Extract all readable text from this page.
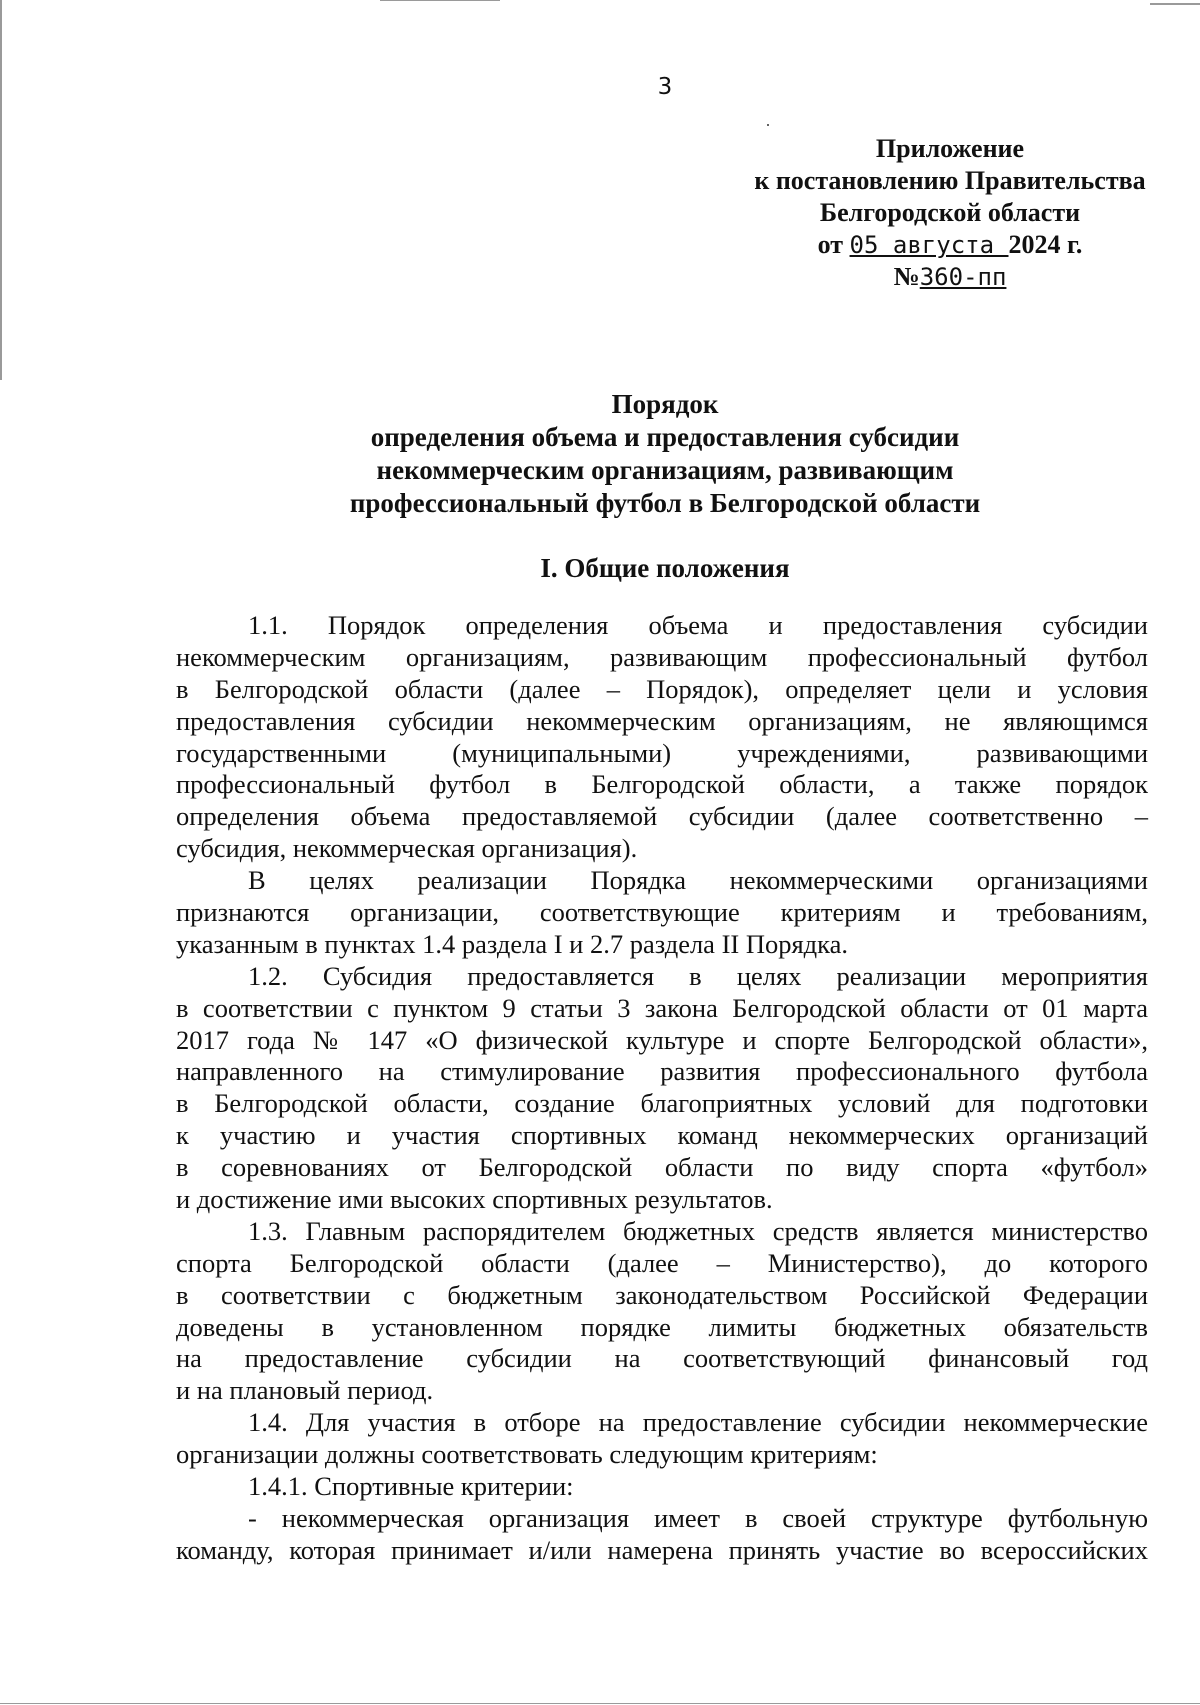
3
Приложение
к постановлению Правительства
Белгородской области
от 05 августа 2024 г.
№360-пп
Порядок
определения объема и предоставления субсидии
некоммерческим организациям, развивающим
профессиональный футбол в Белгородской области
I. Общие положения
1.1. Порядок определения объема и предоставления субсидии
некоммерческим организациям, развивающим профессиональный футбол
в Белгородской области (далее – Порядок), определяет цели и условия
предоставления субсидии некоммерческим организациям, не являющимся
государственными (муниципальными) учреждениями, развивающими
профессиональный футбол в Белгородской области, а также порядок
определения объема предоставляемой субсидии (далее соответственно –
субсидия, некоммерческая организация).
В целях реализации Порядка некоммерческими организациями
признаются организации, соответствующие критериям и требованиям,
указанным в пунктах 1.4 раздела I и 2.7 раздела II Порядка.
1.2. Субсидия предоставляется в целях реализации мероприятия
в соответствии с пунктом 9 статьи 3 закона Белгородской области от 01 марта
2017 года № 147 «О физической культуре и спорте Белгородской области»,
направленного на стимулирование развития профессионального футбола
в Белгородской области, создание благоприятных условий для подготовки
к участию и участия спортивных команд некоммерческих организаций
в соревнованиях от Белгородской области по виду спорта «футбол»
и достижение ими высоких спортивных результатов.
1.3. Главным распорядителем бюджетных средств является министерство
спорта Белгородской области (далее – Министерство), до которого
в соответствии с бюджетным законодательством Российской Федерации
доведены в установленном порядке лимиты бюджетных обязательств
на предоставление субсидии на соответствующий финансовый год
и на плановый период.
1.4. Для участия в отборе на предоставление субсидии некоммерческие
организации должны соответствовать следующим критериям:
1.4.1. Спортивные критерии:
- некоммерческая организация имеет в своей структуре футбольную
команду, которая принимает и/или намерена принять участие во всероссийских
